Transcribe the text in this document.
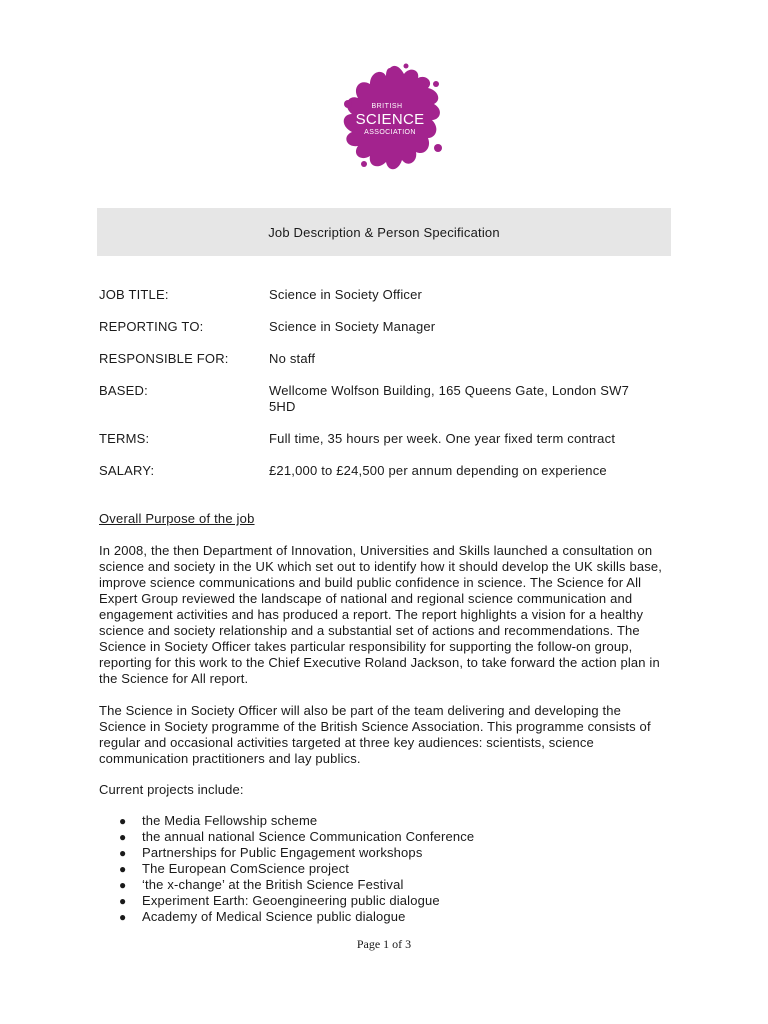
BRITISH
SCIENCE
ASSOCIATION
Job Description & Person Specification
JOB TITLE:	Science in Society Officer
REPORTING TO:	Science in Society Manager
RESPONSIBLE FOR:	No staff
BASED:	Wellcome Wolfson Building, 165 Queens Gate, London SW7 5HD
TERMS:	Full time, 35 hours per week. One year fixed term contract
SALARY:	£21,000 to £24,500 per annum depending on experience
Overall Purpose of the job

In 2008, the then Department of Innovation, Universities and Skills launched a consultation on science and society in the UK which set out to identify how it should develop the UK skills base, improve science communications and build public confidence in science. The Science for All Expert Group reviewed the landscape of national and regional science communication and engagement activities and has produced a report. The report highlights a vision for a healthy science and society relationship and a substantial set of actions and recommendations. The Science in Society Officer takes particular responsibility for supporting the follow-on group, reporting for this work to the Chief Executive Roland Jackson, to take forward the action plan in the Science for All report.

The Science in Society Officer will also be part of the team delivering and developing the Science in Society programme of the British Science Association. This programme consists of regular and occasional activities targeted at three key audiences: scientists, science communication practitioners and lay publics.

Current projects include:

●	the Media Fellowship scheme
●	the annual national Science Communication Conference
●	Partnerships for Public Engagement workshops
●	The European ComScience project
●	‘the x-change’ at the British Science Festival
●	Experiment Earth: Geoengineering public dialogue
●	Academy of Medical Science public dialogue
Page 1 of 3
